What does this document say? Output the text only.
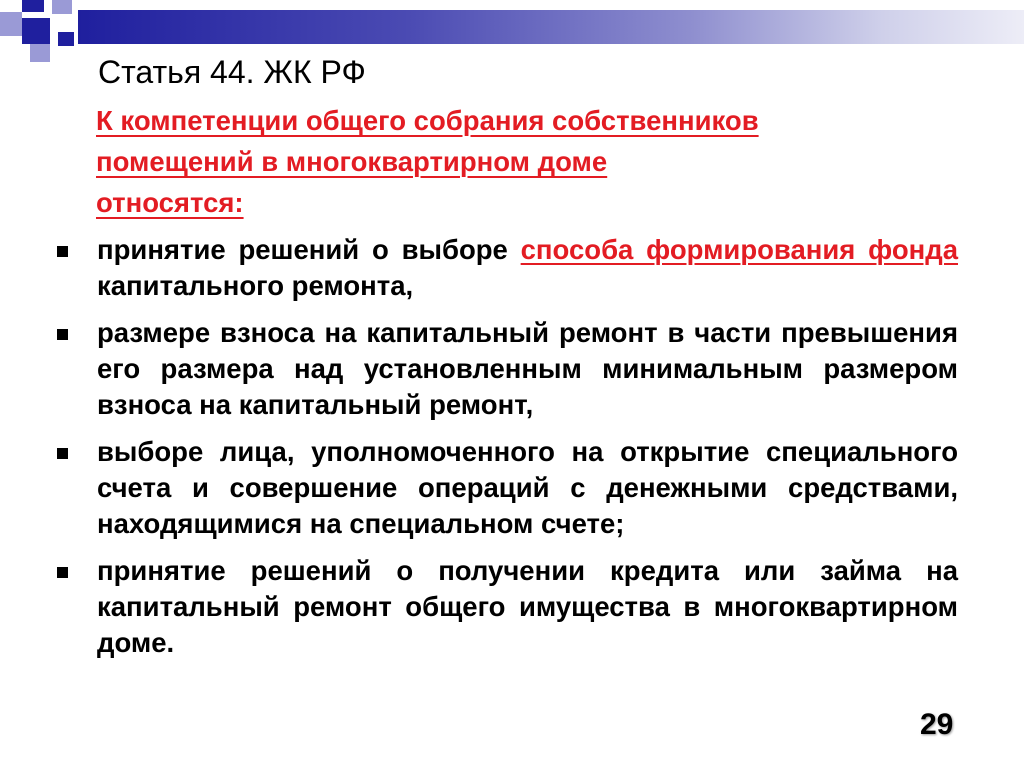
Статья 44. ЖК РФ

К компетенции общего собрания собственников
помещений в многоквартирном доме
относятся:

принятие решений о выборе способа формирования фонда капитального ремонта,
размере взноса на капитальный ремонт в части превышения его размера над установленным минимальным размером взноса на капитальный ремонт,
выборе лица, уполномоченного на открытие специального счета и совершение операций с денежными средствами, находящимися на специальном счете;
принятие решений о получении кредита или займа на капитальный ремонт общего имущества в многоквартирном доме.
29
